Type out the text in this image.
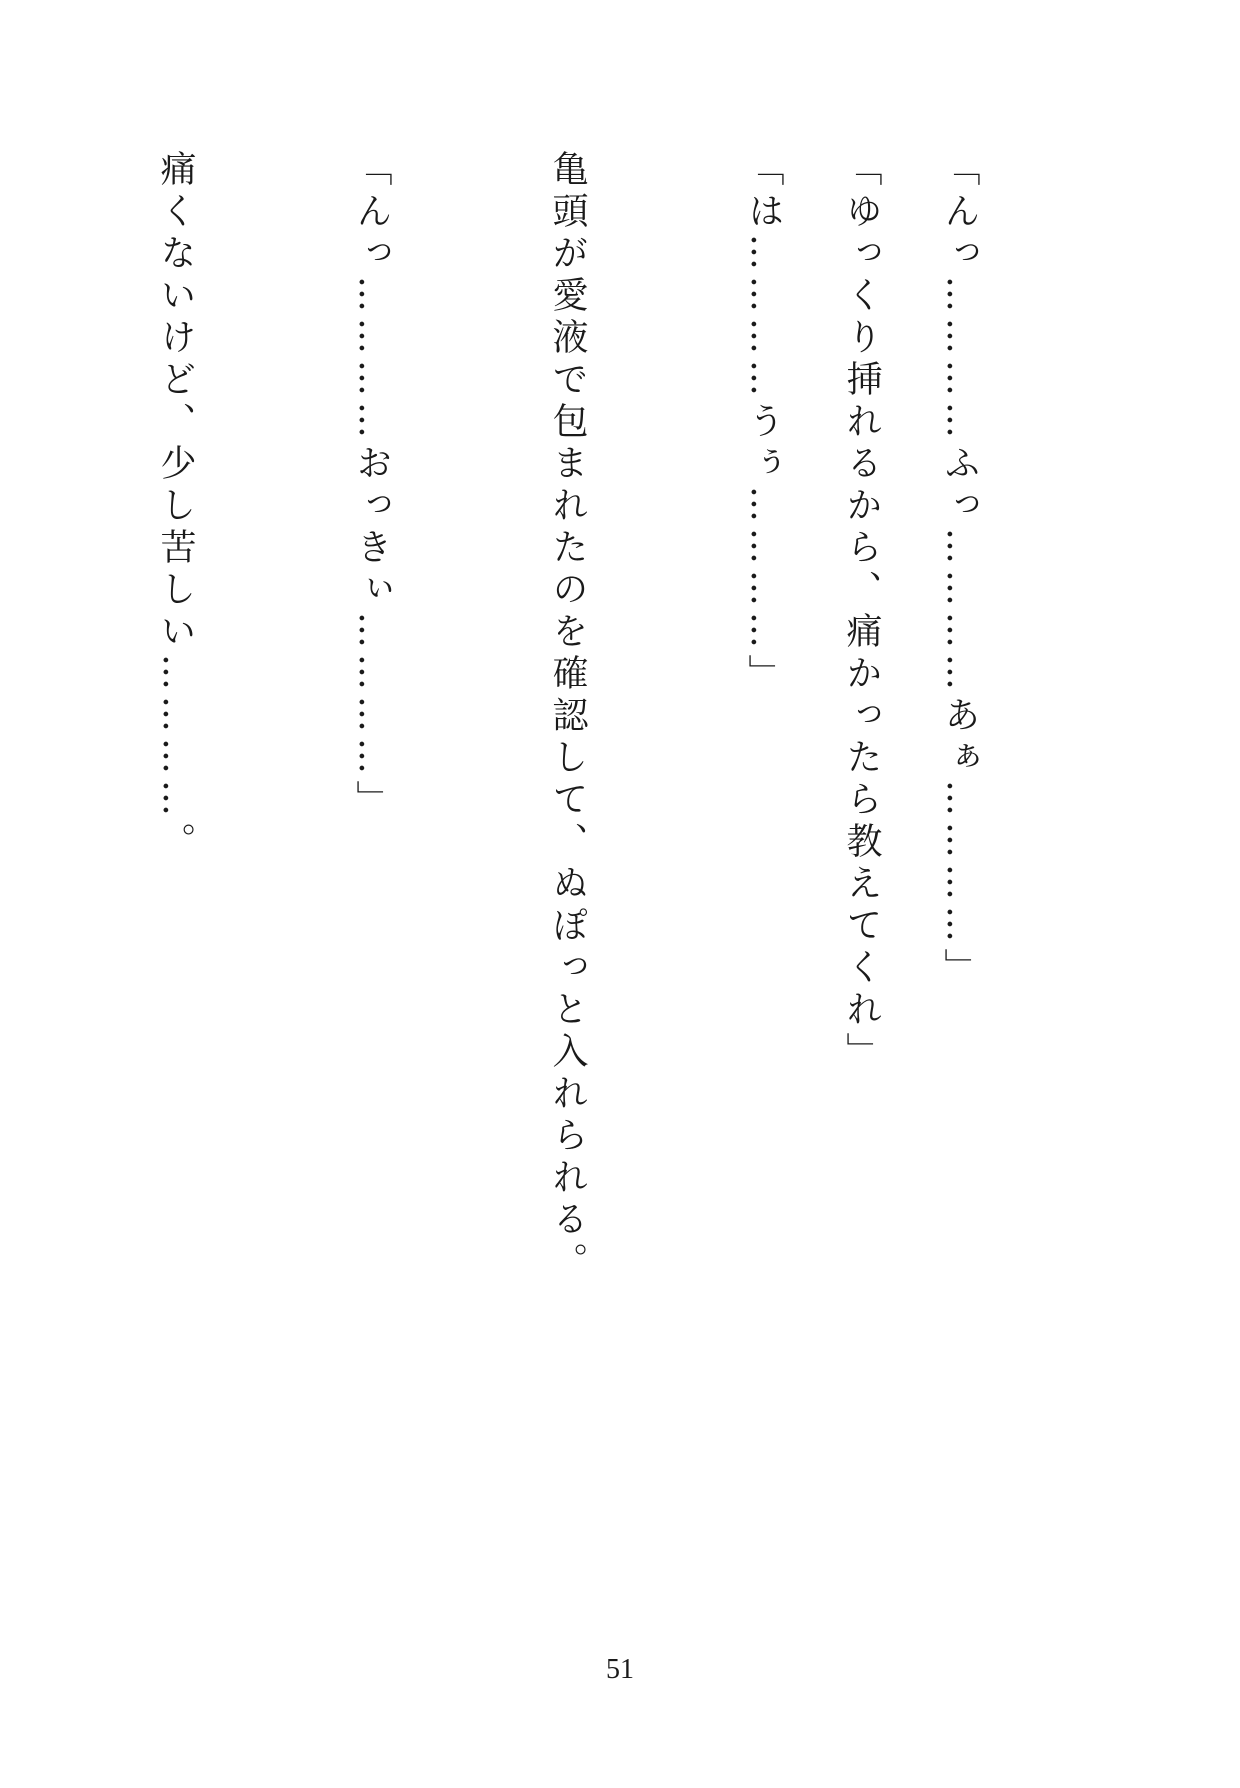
「んっ…………ふっ…………あぁ…………」
「ゆっくり挿れるから、痛かったら教えてくれ」
「は…………うぅ…………」
亀頭が愛液で包まれたのを確認して、ぬぽっと入れられる。
「んっ…………おっきぃ…………」
痛くないけど、少し苦しい…………。
51
